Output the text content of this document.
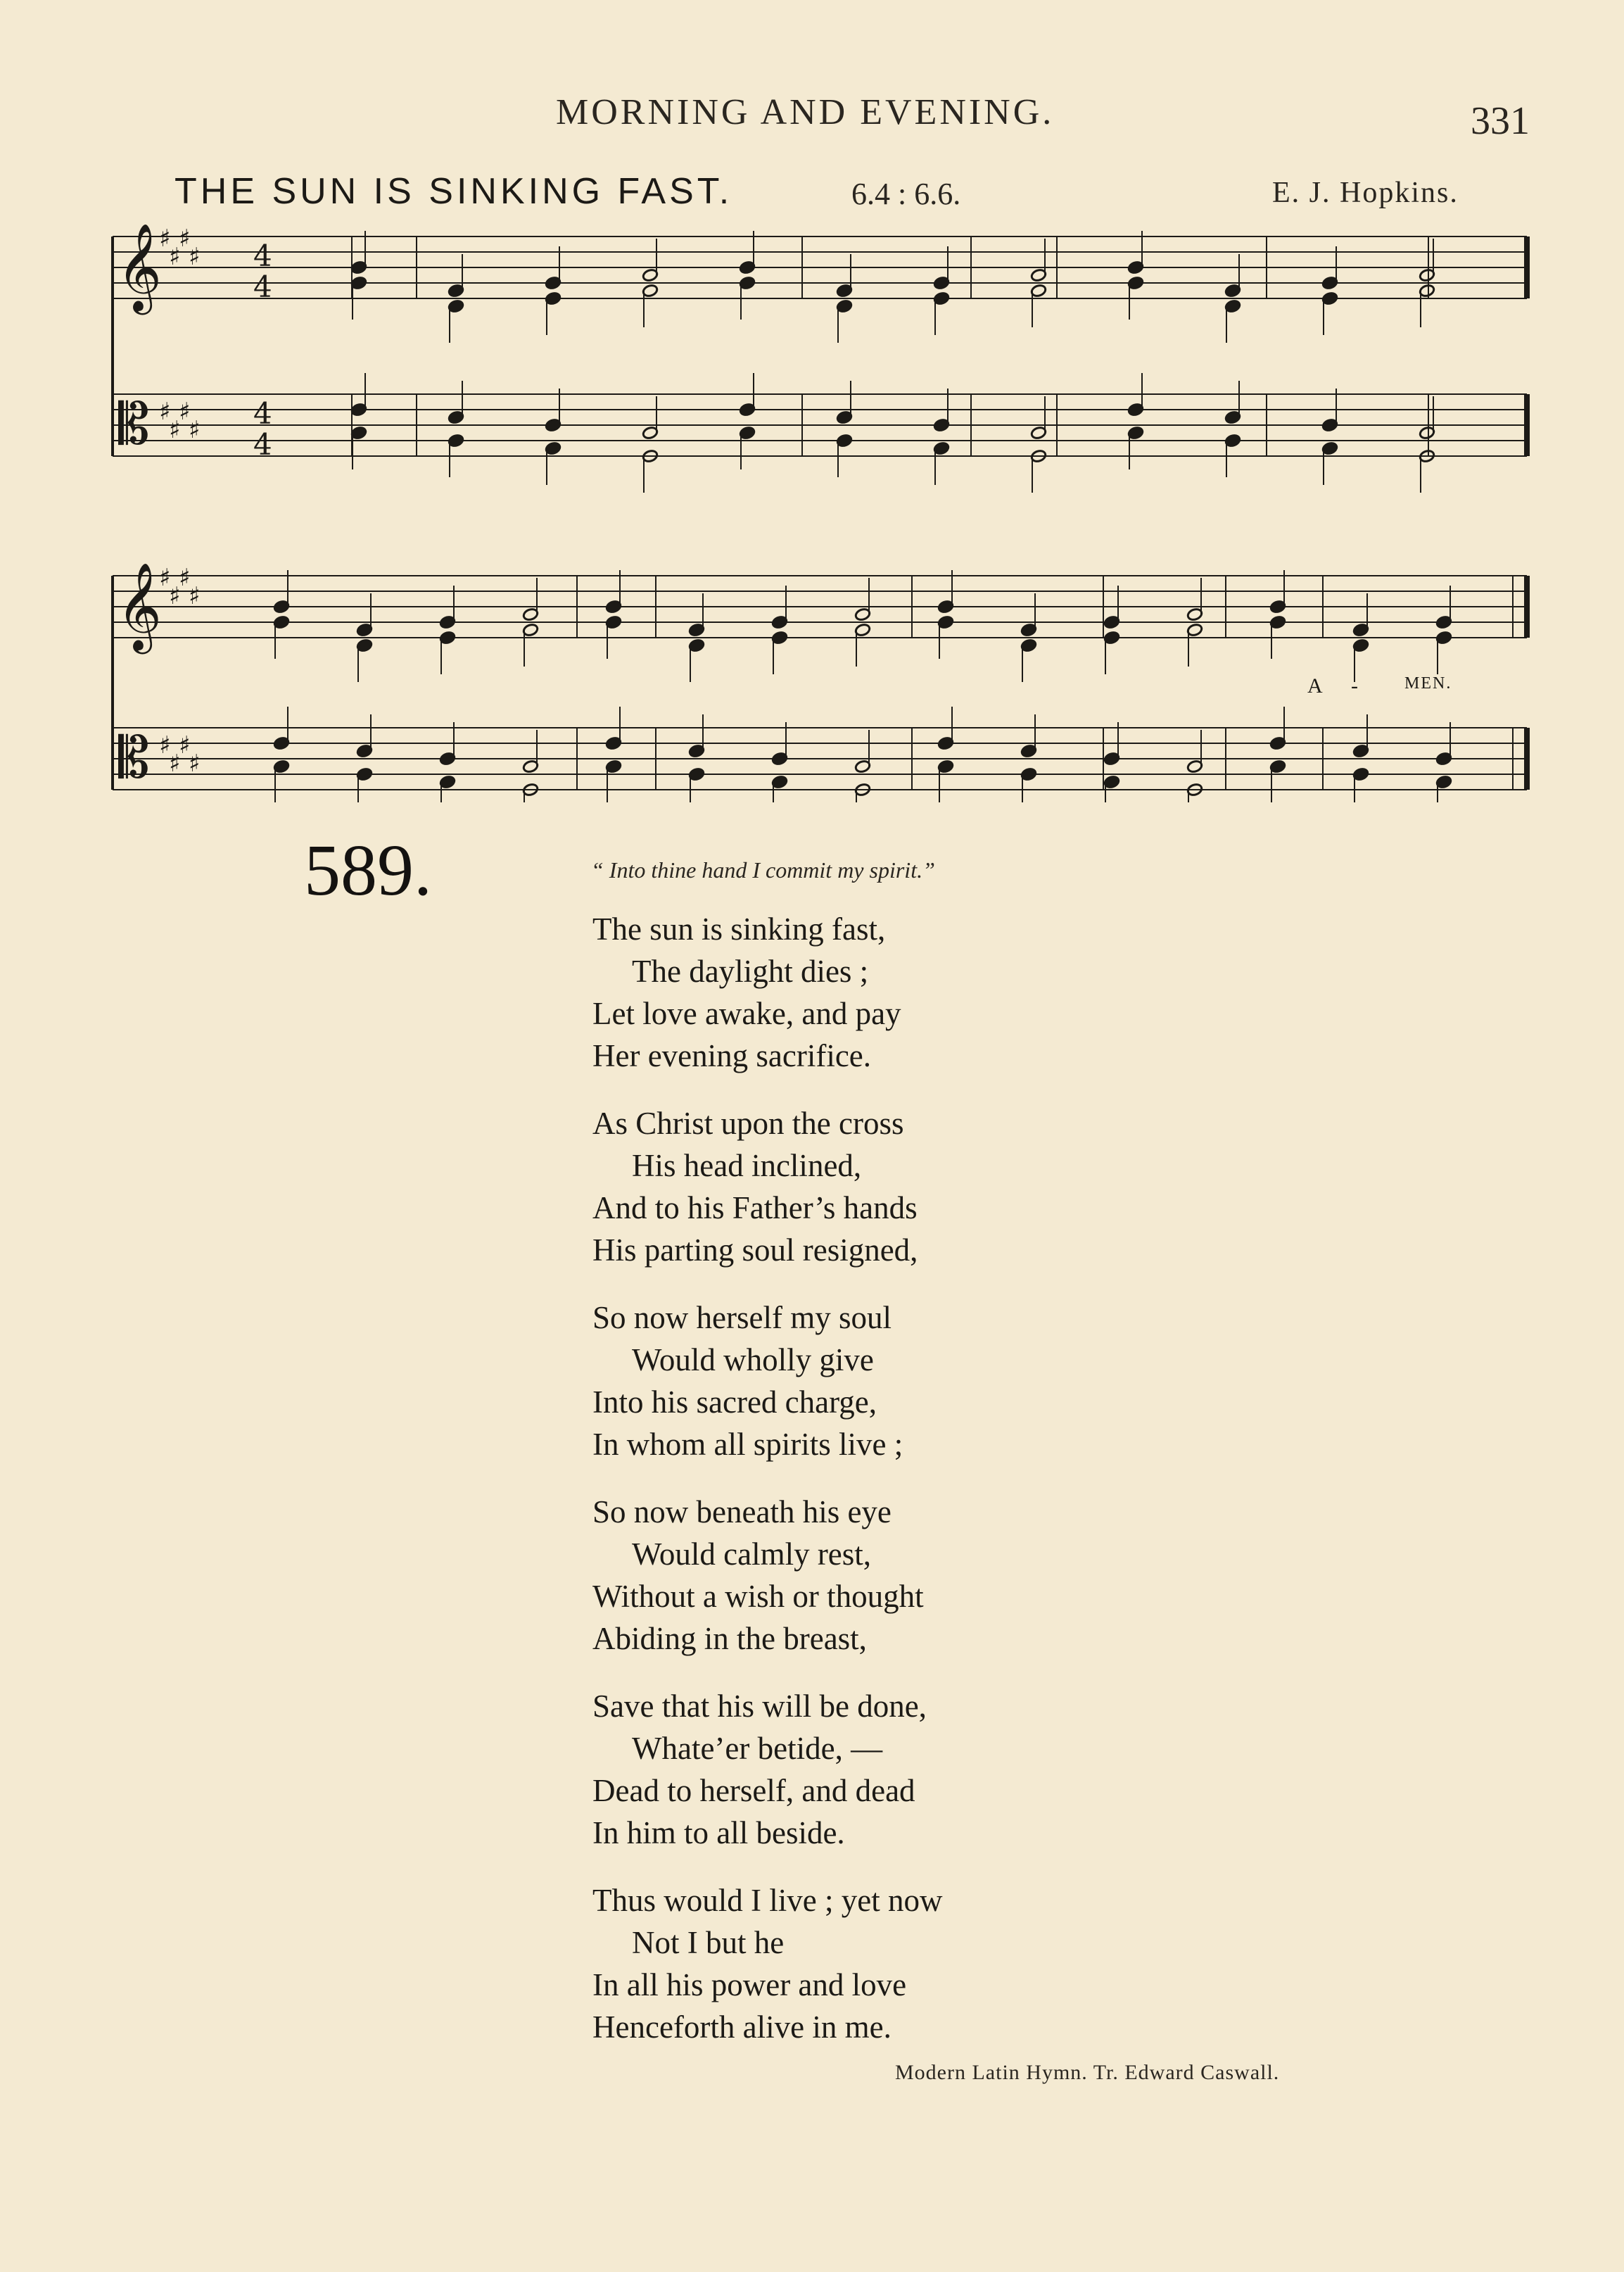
MORNING AND EVENING.	331
THE SUN IS SINKING FAST.	6.4 : 6.6.	E. J. Hopkins.
𝄞
𝄡
♯
♯
♯
♯
♯
♯
♯
♯
4
4
4
4
𝄞
𝄡
♯
♯
♯
♯
♯
♯
♯
♯
A -	MEN.
589.	“ Into thine hand I commit my spirit.”
The sun is sinking fast,
The daylight dies ;
Let love awake, and pay
Her evening sacrifice.
As Christ upon the cross
His head inclined,
And to his Father’s hands
His parting soul resigned,
So now herself my soul
Would wholly give
Into his sacred charge,
In whom all spirits live ;
So now beneath his eye
Would calmly rest,
Without a wish or thought
Abiding in the breast,
Save that his will be done,
Whate’er betide, —
Dead to herself, and dead
In him to all beside.
Thus would I live ; yet now
Not I but he
In all his power and love
Henceforth alive in me.
Modern Latin Hymn. Tr. Edward Caswall.
